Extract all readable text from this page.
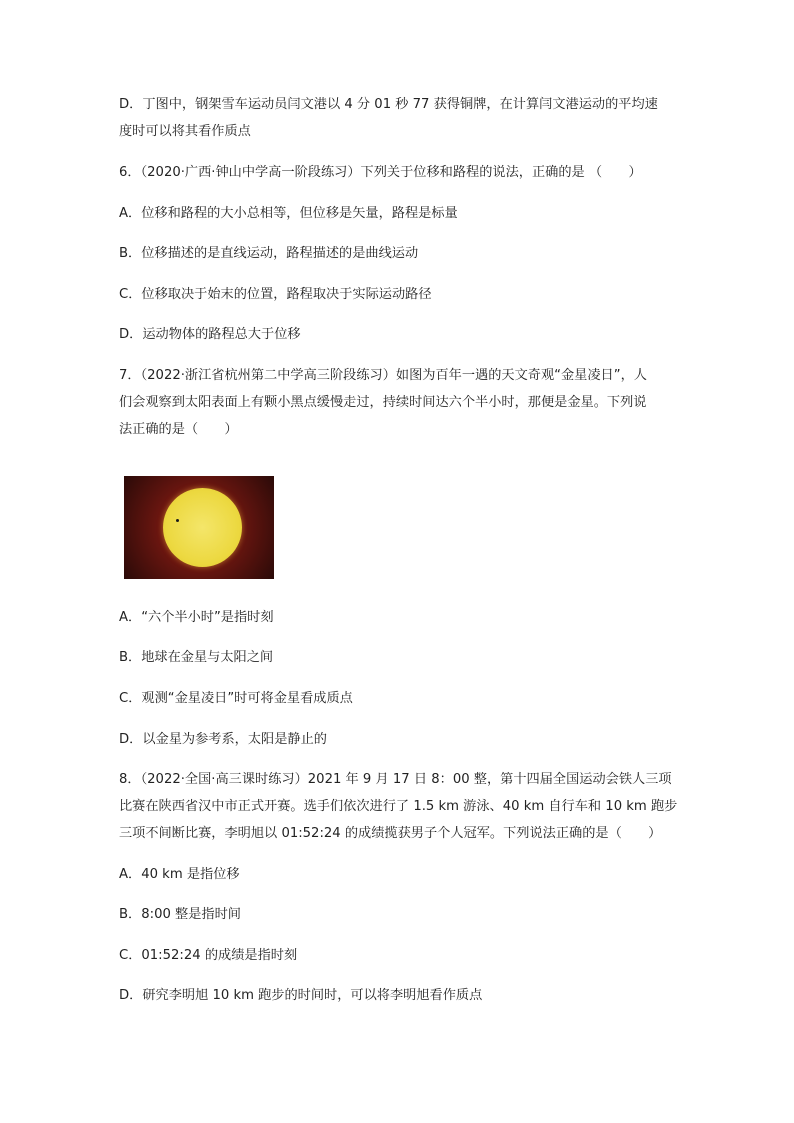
D．丁图中，钢架雪车运动员闫文港以 4 分 01 秒 77 获得铜牌，在计算闫文港运动的平均速
度时可以将其看作质点
6．（2020·广西·钟山中学高一阶段练习）下列关于位移和路程的说法，正确的是 （　　）
A．位移和路程的大小总相等，但位移是矢量，路程是标量
B．位移描述的是直线运动，路程描述的是曲线运动
C．位移取决于始末的位置，路程取决于实际运动路径
D．运动物体的路程总大于位移
7．（2022·浙江省杭州第二中学高三阶段练习）如图为百年一遇的天文奇观“金星凌日”，人
们会观察到太阳表面上有颗小黑点缓慢走过，持续时间达六个半小时，那便是金星。下列说
法正确的是（　　）
A．“六个半小时”是指时刻
B．地球在金星与太阳之间
C．观测“金星凌日”时可将金星看成质点
D．以金星为参考系，太阳是静止的
8．（2022·全国·高三课时练习）2021 年 9 月 17 日 8：00 整，第十四届全国运动会铁人三项
比赛在陕西省汉中市正式开赛。选手们依次进行了 1.5 km 游泳、40 km 自行车和 10 km 跑步
三项不间断比赛，李明旭以 01:52:24 的成绩揽获男子个人冠军。下列说法正确的是（　　）
A．40 km 是指位移
B．8:00 整是指时间
C．01:52:24 的成绩是指时刻
D．研究李明旭 10 km 跑步的时间时，可以将李明旭看作质点
